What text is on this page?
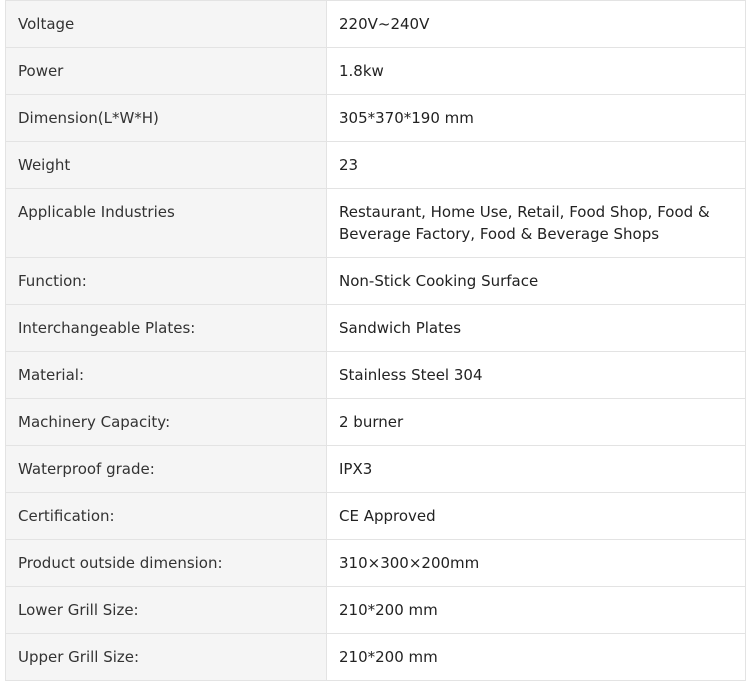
Voltage	220V~240V
Power	1.8kw
Dimension(L*W*H)	305*370*190 mm
Weight	23
Applicable Industries	Restaurant, Home Use, Retail, Food Shop, Food & Beverage Factory, Food & Beverage Shops
Function:	Non-Stick Cooking Surface
Interchangeable Plates:	Sandwich Plates
Material:	Stainless Steel 304
Machinery Capacity:	2 burner
Waterproof grade:	IPX3
Certification:	CE Approved
Product outside dimension:	310×300×200mm
Lower Grill Size:	210*200 mm
Upper Grill Size:	210*200 mm
